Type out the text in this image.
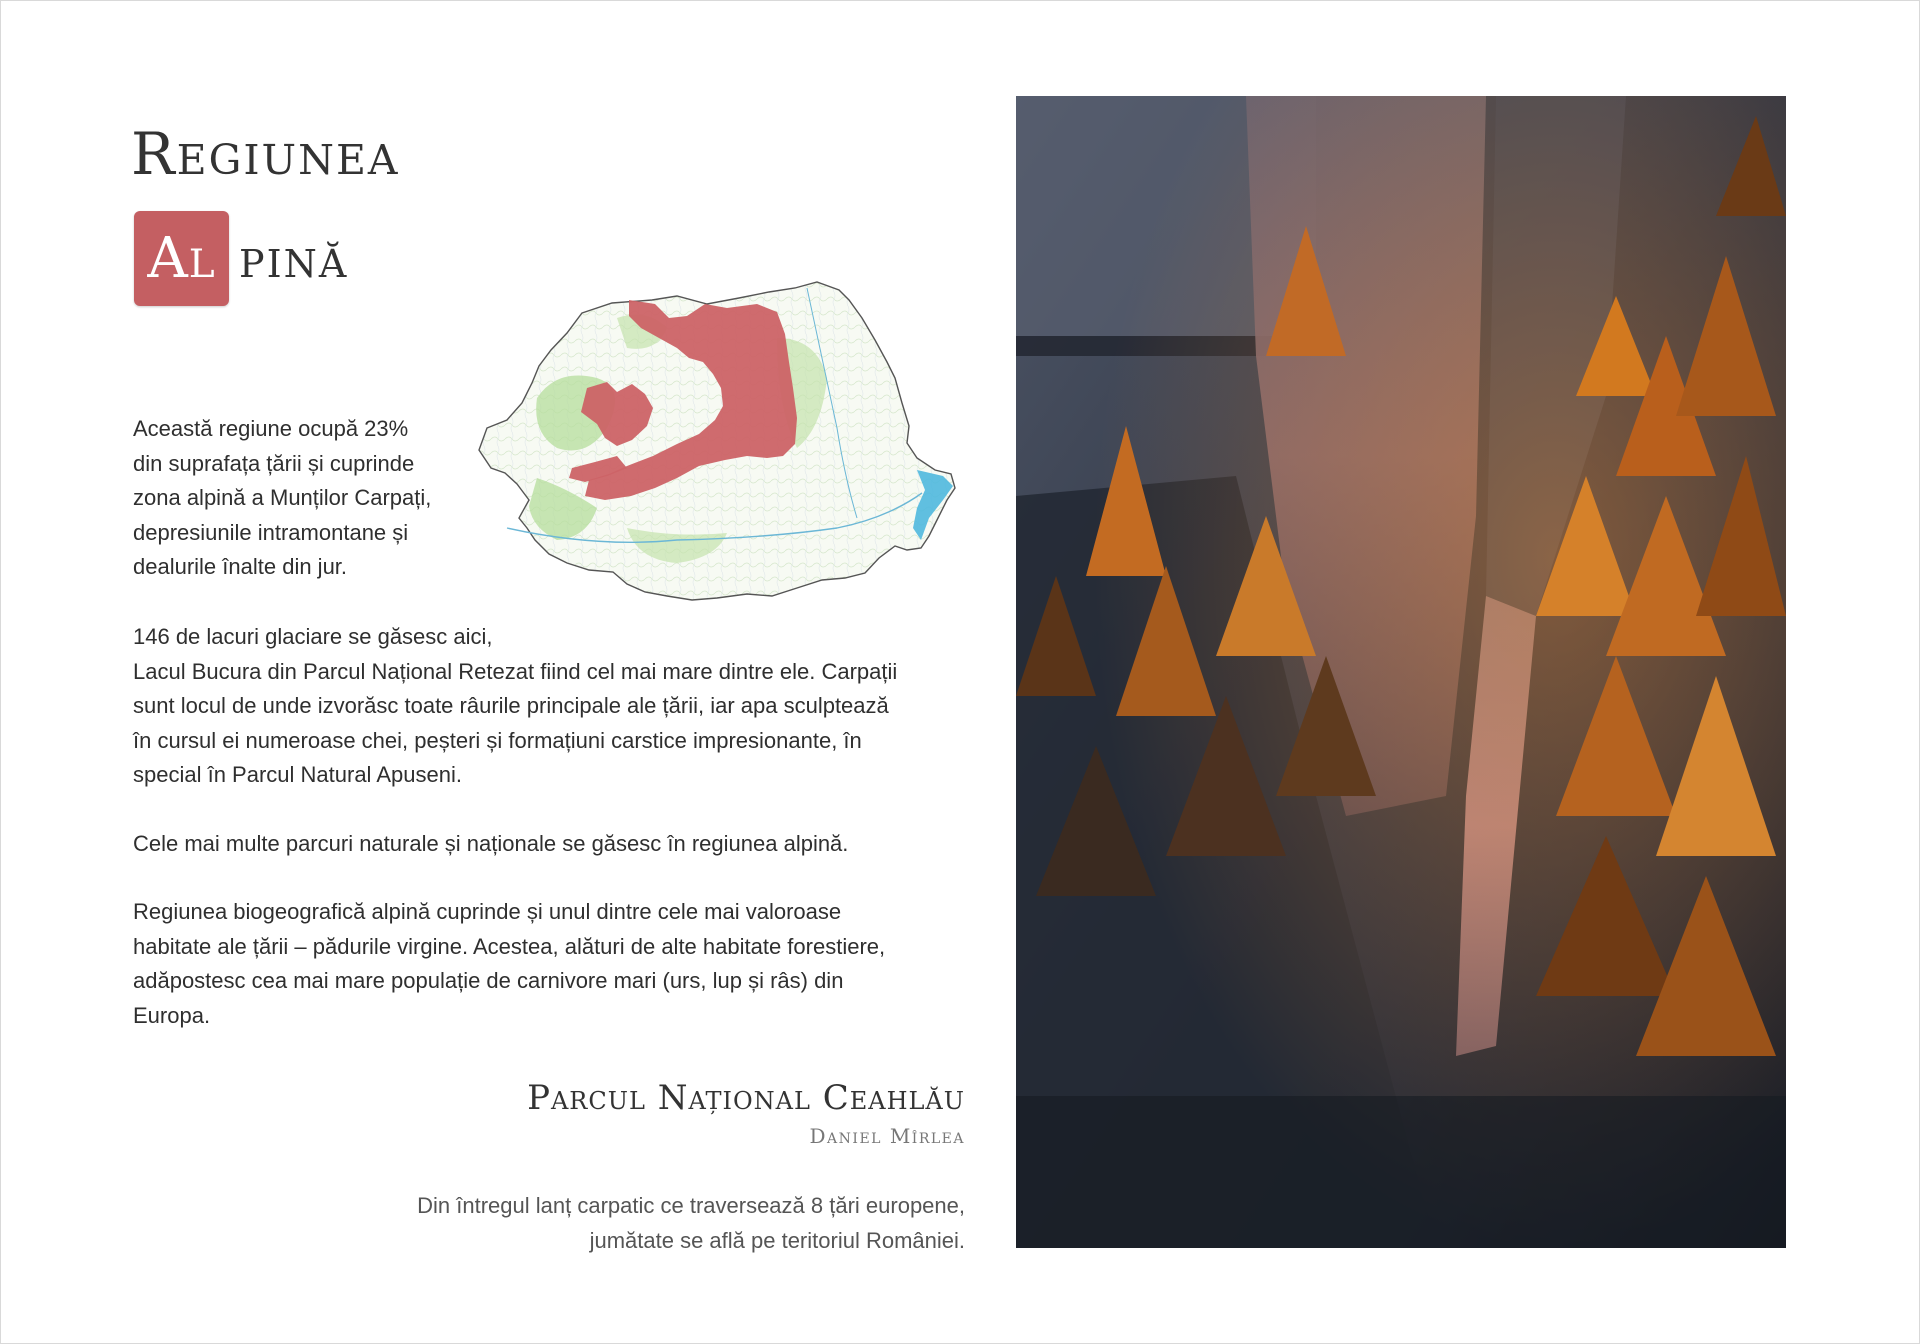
Regiunea
Al pină

Această regiune ocupă 23%
din suprafața țării și cuprinde
zona alpină a Munților Carpați,
depresiunile intramontane și
dealurile înalte din jur.

146 de lacuri glaciare se găsesc aici,
Lacul Bucura din Parcul Național Retezat fiind cel mai mare dintre ele. Carpații
sunt locul de unde izvorăsc toate râurile principale ale țării, iar apa sculptează
în cursul ei numeroase chei, peșteri și formațiuni carstice impresionante, în
special în Parcul Natural Apuseni.

Cele mai multe parcuri naturale și naționale se găsesc în regiunea alpină.

Regiunea biogeografică alpină cuprinde și unul dintre cele mai valoroase
habitate ale țării – pădurile virgine. Acestea, alături de alte habitate forestiere,
adăpostesc cea mai mare populație de carnivore mari (urs, lup și râs) din
Europa.

Parcul Național Ceahlău
Daniel Mîrlea
Din întregul lanț carpatic ce traversează 8 țări europene,
jumătate se află pe teritoriul României.
